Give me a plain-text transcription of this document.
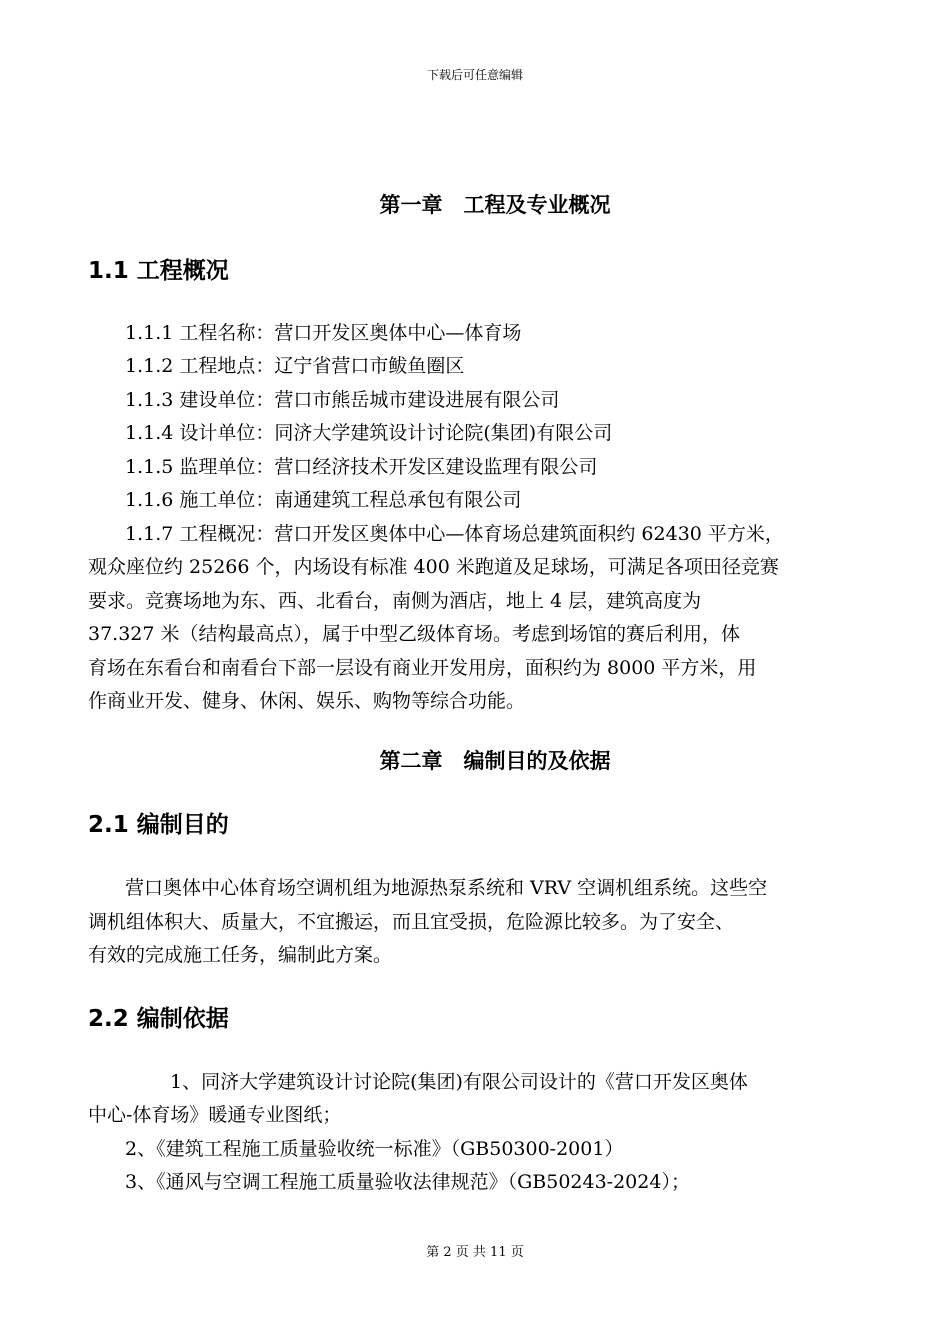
下载后可任意编辑
第一章　工程及专业概况
1.1 工程概况
1.1.1 工程名称：营口开发区奥体中心—体育场
1.1.2 工程地点：辽宁省营口市鲅鱼圈区
1.1.3 建设单位：营口市熊岳城市建设进展有限公司
1.1.4 设计单位：同济大学建筑设计讨论院(集团)有限公司
1.1.5 监理单位：营口经济技术开发区建设监理有限公司
1.1.6 施工单位：南通建筑工程总承包有限公司
1.1.7 工程概况：营口开发区奥体中心—体育场总建筑面积约 62430 平方米，
观众座位约 25266 个，内场设有标准 400 米跑道及足球场，可满足各项田径竞赛
要求。竞赛场地为东、西、北看台，南侧为酒店，地上 4 层，建筑高度为
37.327 米（结构最高点），属于中型乙级体育场。考虑到场馆的赛后利用，体
育场在东看台和南看台下部一层设有商业开发用房，面积约为 8000 平方米，用
作商业开发、健身、休闲、娱乐、购物等综合功能。
第二章　编制目的及依据
2.1 编制目的
营口奥体中心体育场空调机组为地源热泵系统和 VRV 空调机组系统。这些空
调机组体积大、质量大，不宜搬运，而且宜受损，危险源比较多。为了安全、
有效的完成施工任务，编制此方案。
2.2 编制依据
1、同济大学建筑设计讨论院(集团)有限公司设计的《营口开发区奥体
中心-体育场》暖通专业图纸；
2、《建筑工程施工质量验收统一标准》（GB50300-2001）
3、《通风与空调工程施工质量验收法律规范》（GB50243-2024）；
第 2 页 共 11 页
